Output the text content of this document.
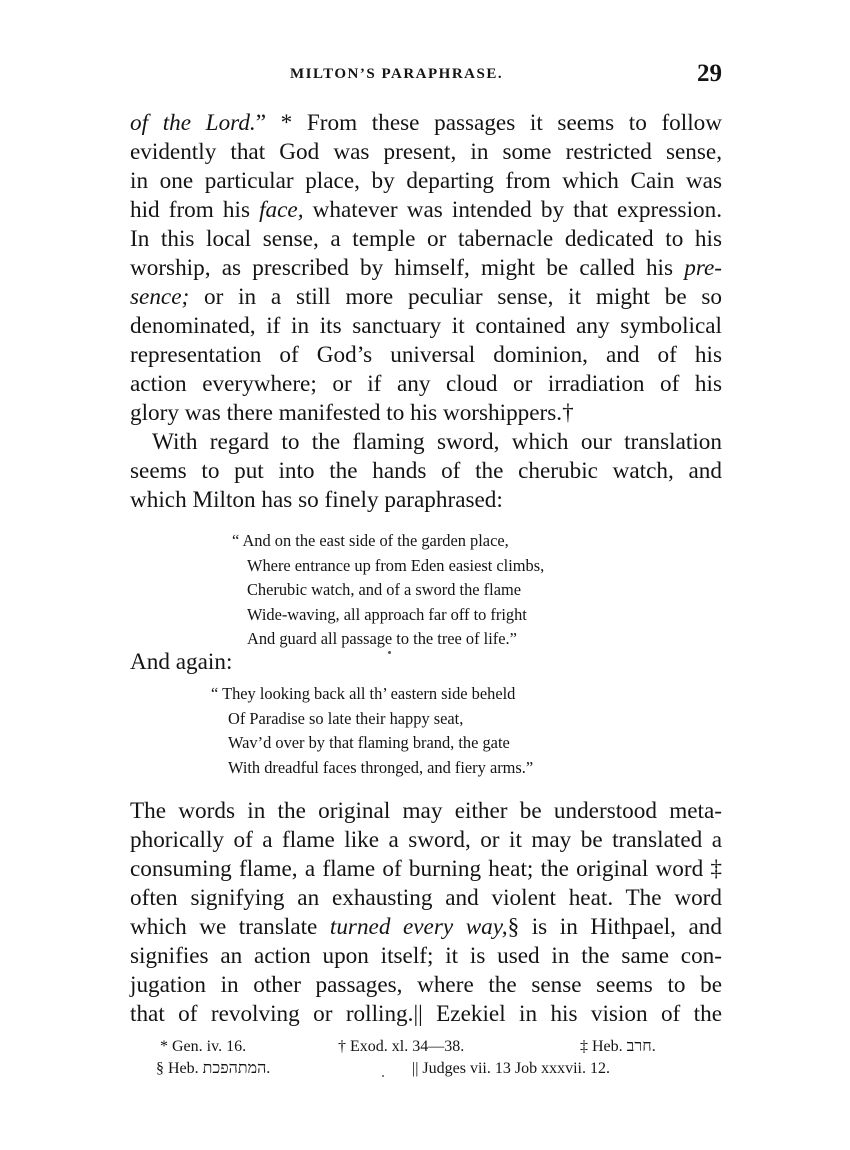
MILTON’S PARAPHRASE.	29
of the Lord.” * From these passages it seems to follow
evidently that God was present, in some restricted sense,
in one particular place, by departing from which Cain was
hid from his face, whatever was intended by that expression.
In this local sense, a temple or tabernacle dedicated to his
worship, as prescribed by himself, might be called his pre-
sence; or in a still more peculiar sense, it might be so
denominated, if in its sanctuary it contained any symbolical
representation of God’s universal dominion, and of his
action everywhere; or if any cloud or irradiation of his
glory was there manifested to his worshippers.†
With regard to the flaming sword, which our translation
seems to put into the hands of the cherubic watch, and
which Milton has so finely paraphrased:
“ And on the east side of the garden place,
Where entrance up from Eden easiest climbs,
Cherubic watch, and of a sword the flame
Wide-waving, all approach far off to fright
And guard all passage to the tree of life.”
And again:
“ They looking back all th’ eastern side beheld
Of Paradise so late their happy seat,
Wav’d over by that flaming brand, the gate
With dreadful faces thronged, and fiery arms.”
The words in the original may either be understood meta-
phorically of a flame like a sword, or it may be translated a
consuming flame, a flame of burning heat; the original word ‡
often signifying an exhausting and violent heat. The word
which we translate turned every way,§ is in Hithpael, and
signifies an action upon itself; it is used in the same con-
jugation in other passages, where the sense seems to be
that of revolving or rolling.|| Ezekiel in his vision of the
* Gen. iv. 16.	† Exod. xl. 34—38.	‡ Heb. חרב.
§ Heb. המתהפכת.	|| Judges vii. 13 Job xxxvii. 12.
